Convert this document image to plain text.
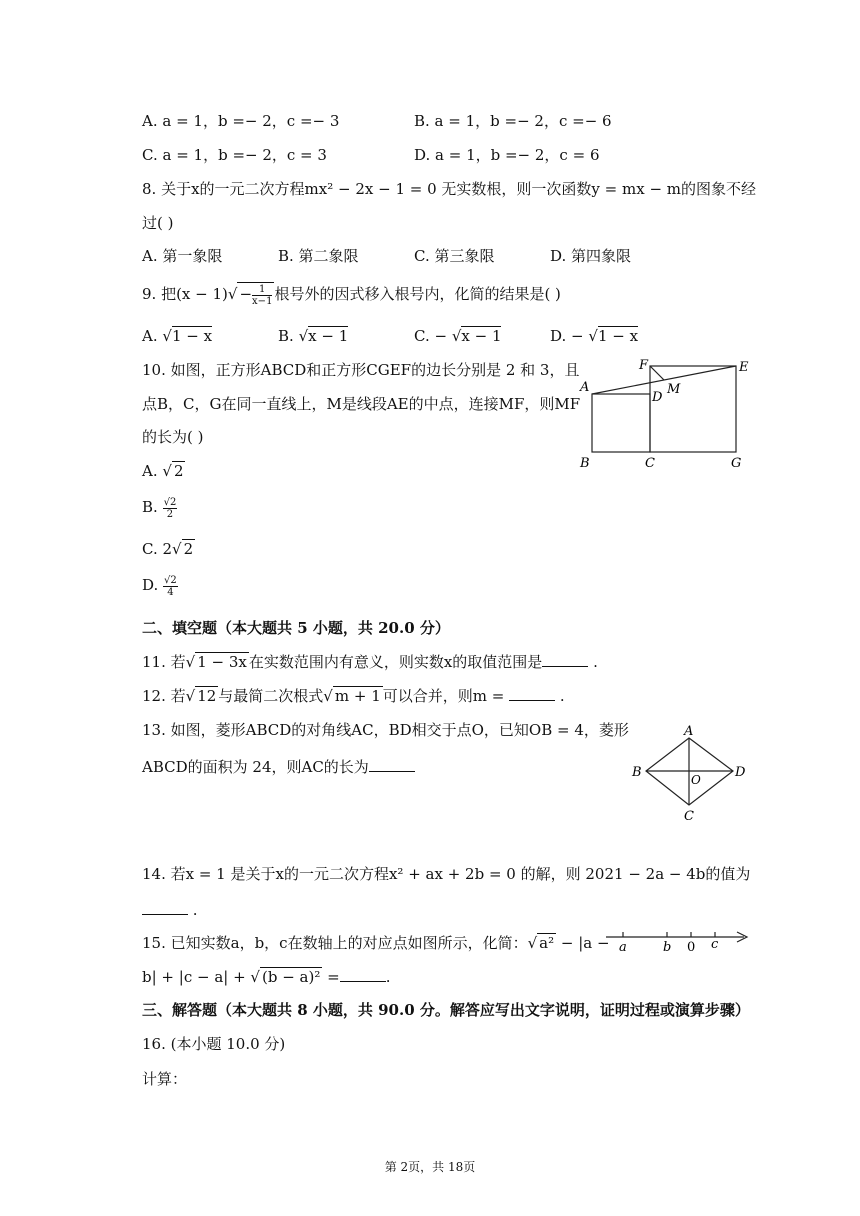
A. a = 1，b =− 2，c =− 3	B. a = 1，b =− 2，c =− 6
C. a = 1，b =− 2，c = 3	D. a = 1，b =− 2，c = 6
8. 关于x的一元二次方程mx² − 2x − 1 = 0 无实数根，则一次函数y = mx − m的图象不经
过( )
A. 第一象限	B. 第二象限	C. 第三象限	D. 第四象限
9. 把$(x - 1)√ - \frac{1}{x-1}$ 根号外的因式移入根号内，化简的结果是( )
A. √1 − x	B. √x − 1	C. − √x − 1	D. − √1 − x
10. 如图，正方形ABCD和正方形CGEF的边长分别是 2 和 3，且
点B，C，G在同一直线上，M是线段AE的中点，连接MF，则MF
的长为( )
A. √ 2
B. $\frac{√2}{2}$
C. 2√ 2
D. $\frac{√2}{4}$
A
B	C
D
E
F
G
M
二、填空题（本大题共 5 小题，共 20.0 分）
11. 若√ 1 − 3x 在实数范围内有意义，则实数x的取值范围是	.
12. 若√ 12 与最简二次根式√ m + 1 可以合并，则m =	.
13. 如图，菱形ABCD的对角线AC，BD相交于点O，已知OB = 4，菱形
ABCD的面积为 24，则AC的长为
A
B
C
D
O
14. 若x = 1 是关于x的一元二次方程x² + ax + 2b = 0 的解，则 2021 − 2a − 4b的值为
.
15. 已知实数a，b，c在数轴上的对应点如图所示，化简：√ a² − |a −
b| + |c − a| + √ (b − a)² =	.
a	b 0 c
三、解答题（本大题共 8 小题，共 90.0 分。解答应写出文字说明，证明过程或演算步骤）
16. (本小题 10.0 分)
计算：
第 2页，共 18页
